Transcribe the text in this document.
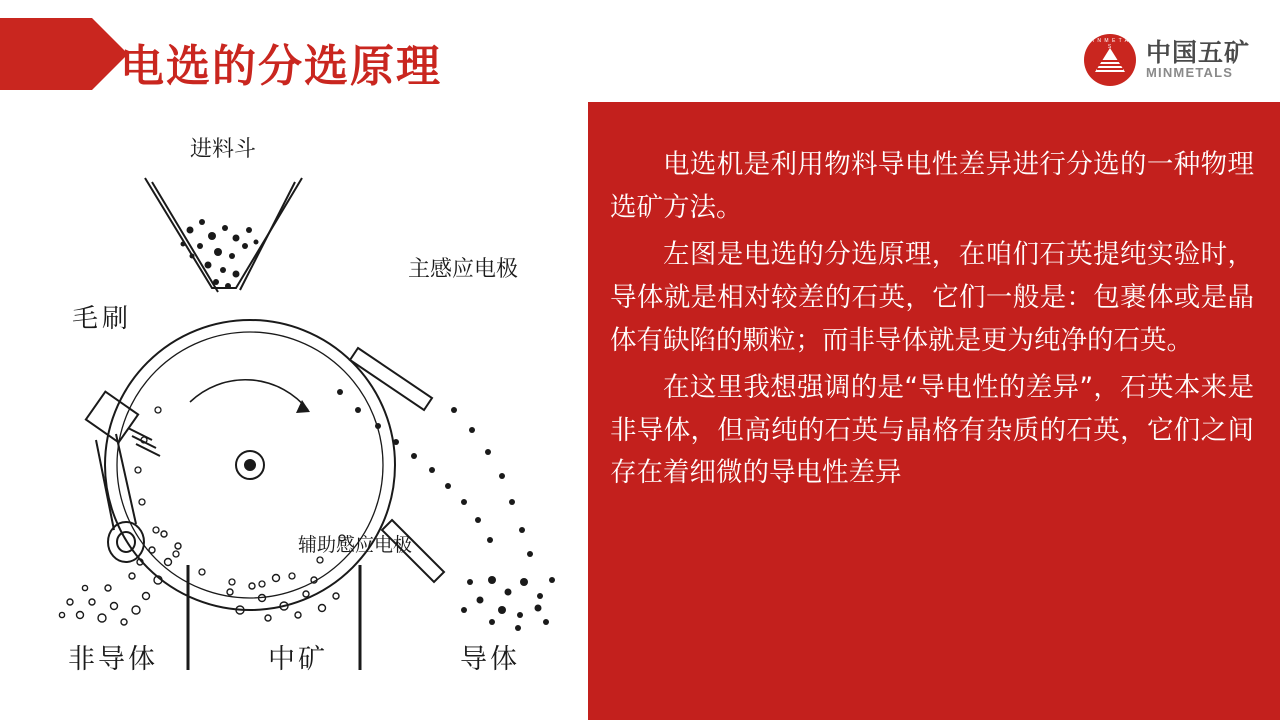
电选的分选原理	M I N M E T A L S	中国五矿
MINMETALS
进料斗
主感应电极
毛刷
辅助感应电极
非导体	中矿	导体

电选机是利用物料导电性差异进行分选的一种物理选矿方法。

左图是电选的分选原理，在咱们石英提纯实验时，导体就是相对较差的石英，它们一般是：包裹体或是晶体有缺陷的颗粒；而非导体就是更为纯净的石英。

在这里我想强调的是“导电性的差异”，石英本来是非导体，但高纯的石英与晶格有杂质的石英，它们之间存在着细微的导电性差异
